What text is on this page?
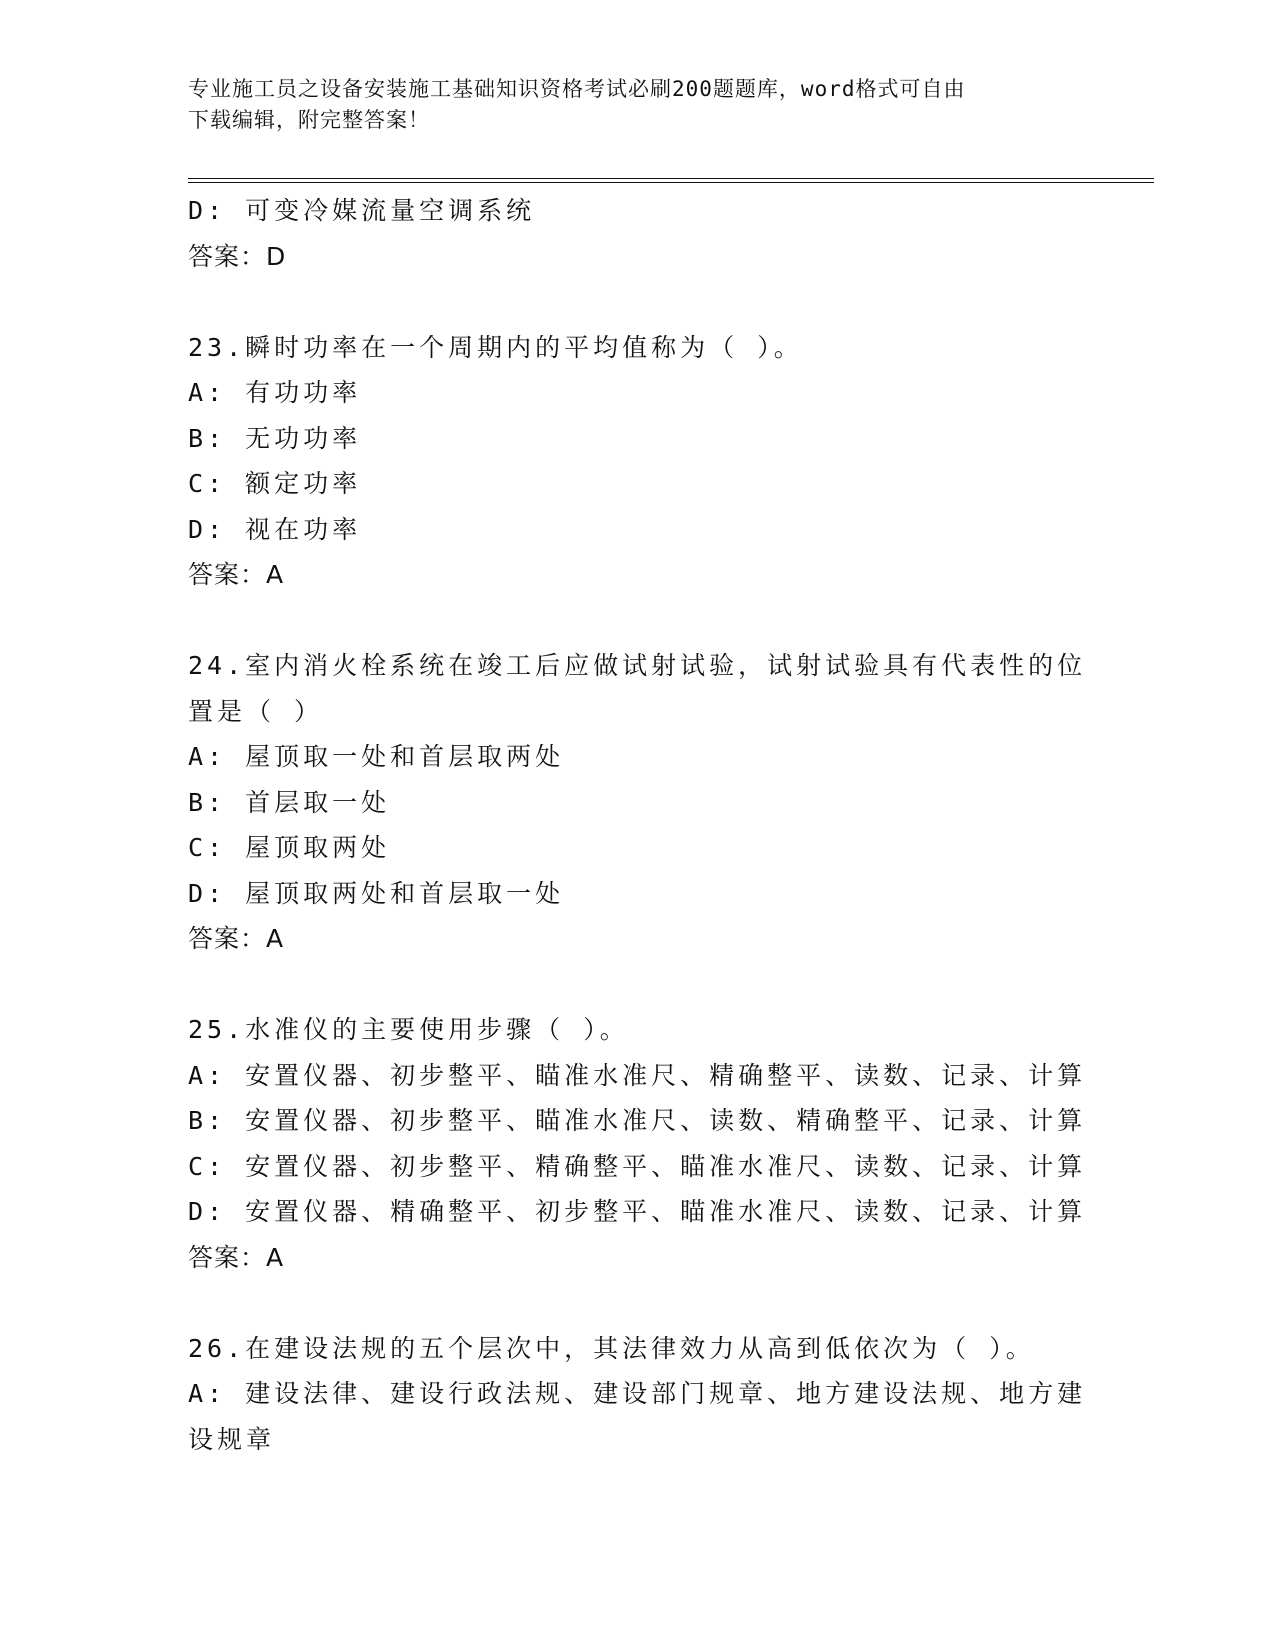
专业施工员之设备安装施工基础知识资格考试必刷200题题库，word格式可自由
下载编辑，附完整答案！
D: 可变冷媒流量空调系统
答案：D
23.瞬时功率在一个周期内的平均值称为（ ）。
A: 有功功率
B: 无功功率
C: 额定功率
D: 视在功率
答案：A
24.室内消火栓系统在竣工后应做试射试验，试射试验具有代表性的位
置是（ ）
A: 屋顶取一处和首层取两处
B: 首层取一处
C: 屋顶取两处
D: 屋顶取两处和首层取一处
答案：A
25.水准仪的主要使用步骤（ ）。
A: 安置仪器、初步整平、瞄准水准尺、精确整平、读数、记录、计算
B: 安置仪器、初步整平、瞄准水准尺、读数、精确整平、记录、计算
C: 安置仪器、初步整平、精确整平、瞄准水准尺、读数、记录、计算
D: 安置仪器、精确整平、初步整平、瞄准水准尺、读数、记录、计算
答案：A
26.在建设法规的五个层次中，其法律效力从高到低依次为（ ）。
A: 建设法律、建设行政法规、建设部门规章、地方建设法规、地方建
设规章
